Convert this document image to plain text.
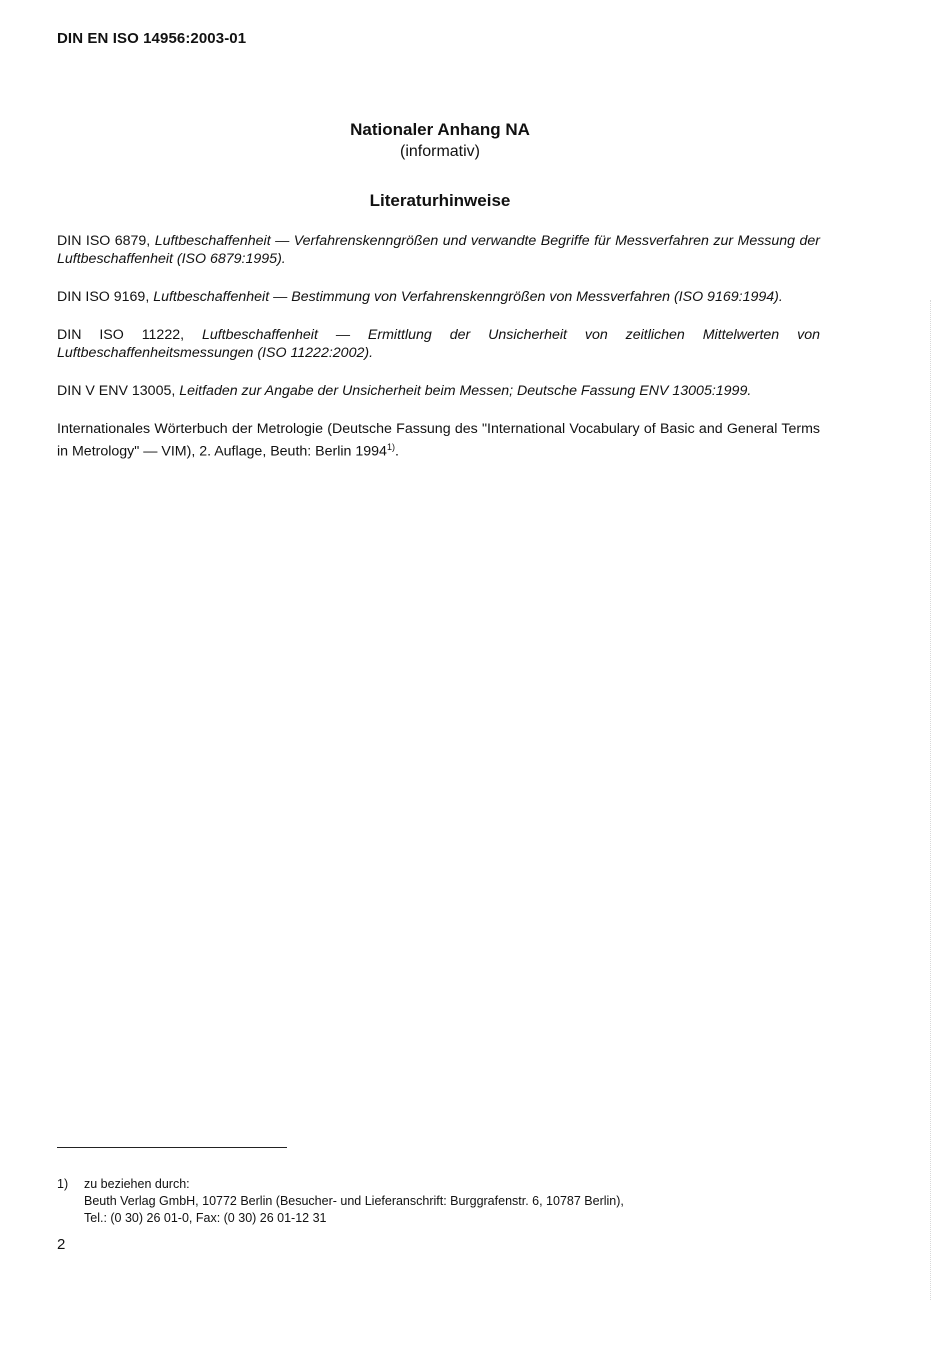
DIN EN ISO 14956:2003-01
Nationaler Anhang NA
(informativ)
Literaturhinweise

DIN ISO 6879, Luftbeschaffenheit — Verfahrenskenngrößen und verwandte Begriffe für Messverfahren zur Messung der Luftbeschaffenheit (ISO 6879:1995).

DIN ISO 9169, Luftbeschaffenheit — Bestimmung von Verfahrenskenngrößen von Messverfahren (ISO 9169:1994).

DIN ISO 11222, Luftbeschaffenheit — Ermittlung der Unsicherheit von zeitlichen Mittelwerten von Luftbeschaffenheitsmessungen (ISO 11222:2002).

DIN V ENV 13005, Leitfaden zur Angabe der Unsicherheit beim Messen; Deutsche Fassung ENV 13005:1999.

Internationales Wörterbuch der Metrologie (Deutsche Fassung des "International Vocabulary of Basic and General Terms in Metrology" — VIM), 2. Auflage, Beuth: Berlin 1994$^{1)}$.

1) zu beziehen durch:
Beuth Verlag GmbH, 10772 Berlin (Besucher- und Lieferanschrift: Burggrafenstr. 6, 10787 Berlin),
Tel.: (0 30) 26 01-0, Fax: (0 30) 26 01-12 31
2
